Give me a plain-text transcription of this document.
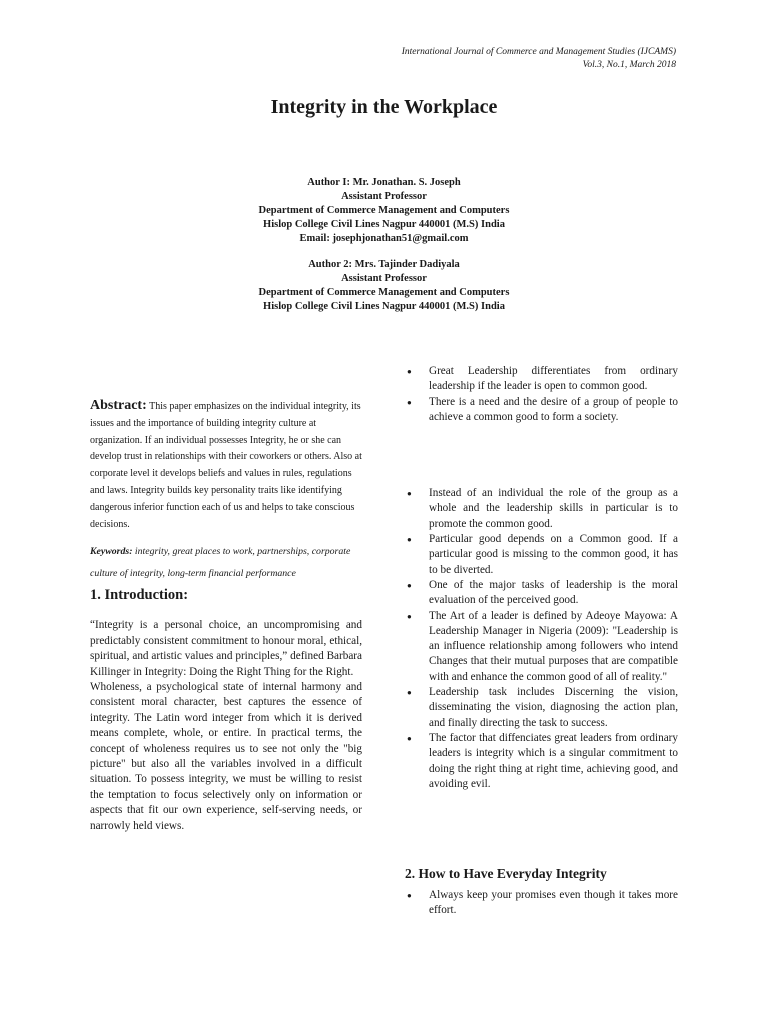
International Journal of Commerce and Management Studies (IJCAMS)
Vol.3, No.1, March 2018
Integrity in the Workplace
Author I: Mr. Jonathan. S. Joseph
Assistant Professor
Department of Commerce Management and Computers
Hislop College Civil Lines Nagpur 440001 (M.S) India
Email: josephjonathan51@gmail.com
Author 2: Mrs. Tajinder Dadiyala
Assistant Professor
Department of Commerce Management and Computers
Hislop College Civil Lines Nagpur 440001 (M.S) India
Abstract: This paper emphasizes on the individual integrity, its issues and the importance of building integrity culture at organization. If an individual possesses Integrity, he or she can develop trust in relationships with their coworkers or others. Also at corporate level it develops beliefs and values in rules, regulations and laws. Integrity builds key personality traits like identifying dangerous inferior function each of us and helps to take conscious decisions.
Keywords: integrity, great places to work, partnerships, corporate culture of integrity, long-term financial performance
1. Introduction:

“Integrity is a personal choice, an uncompromising and predictably consistent commitment to honour moral, ethical, spiritual, and artistic values and principles,” defined Barbara Killinger in Integrity: Doing the Right Thing for the Right.

Wholeness, a psychological state of internal harmony and consistent moral character, best captures the essence of integrity. The Latin word integer from which it is derived means complete, whole, or entire. In practical terms, the concept of wholeness requires us to see not only the "big picture" but also all the variables involved in a difficult situation. To possess integrity, we must be willing to resist the temptation to focus selectively only on information or aspects that fit our own experience, self-serving needs, or narrowly held views.

● Great Leadership differentiates from ordinary leadership if the leader is open to common good.
● There is a need and the desire of a group of people to achieve a common good to form a society.
● Instead of an individual the role of the group as a whole and the leadership skills in particular is to promote the common good.
● Particular good depends on a Common good. If a particular good is missing to the common good, it has to be diverted.
● One of the major tasks of leadership is the moral evaluation of the perceived good.
● The Art of a leader is defined by Adeoye Mayowa: A Leadership Manager in Nigeria (2009): "Leadership is an influence relationship among followers who intend Changes that their mutual purposes that are compatible with and enhance the common good of all of reality."
● Leadership task includes Discerning the vision, disseminating the vision, diagnosing the action plan, and finally directing the task to success.
● The factor that diffenciates great leaders from ordinary leaders is integrity which is a singular commitment to doing the right thing at right time, achieving good, and avoiding evil.
2. How to Have Everyday Integrity
● Always keep your promises even though it takes more effort.
